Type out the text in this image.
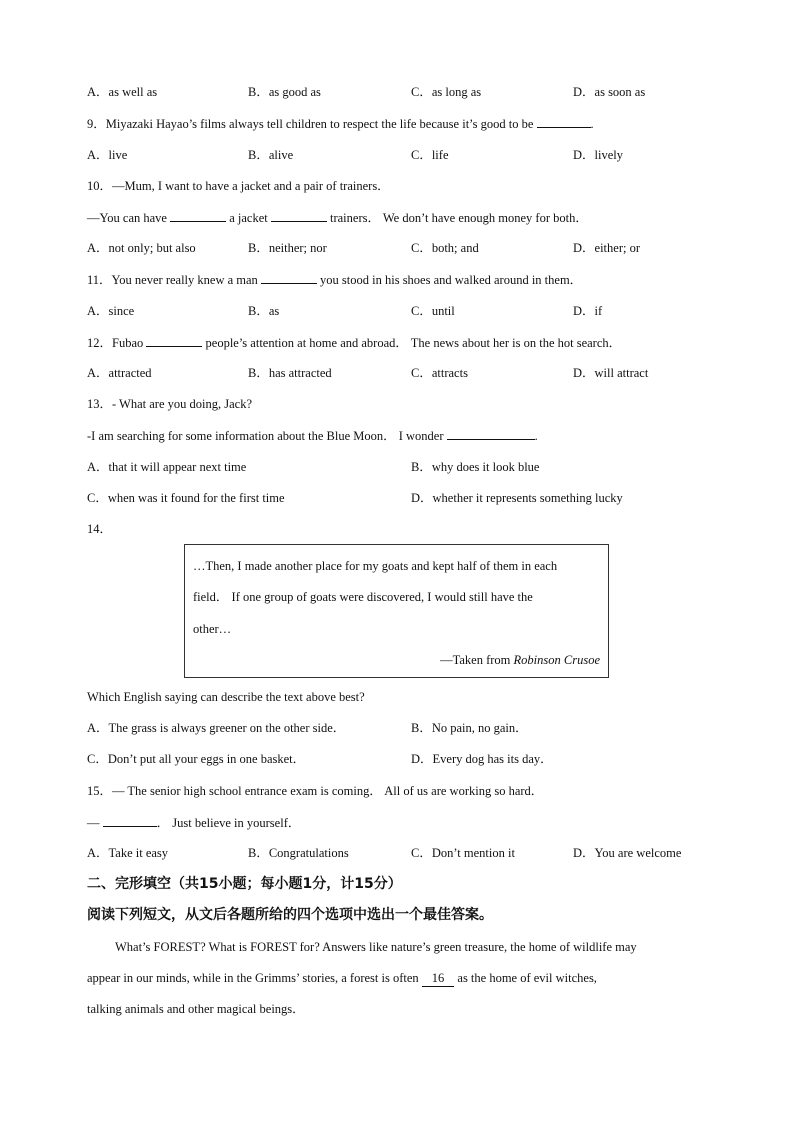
A．as well as	B．as good as	C．as long as	D．as soon as
9．Miyazaki Hayao’s films always tell children to respect the life because it’s good to be	.
A．live	B．alive	C．life	D．lively
10．—Mum, I want to have a jacket and a pair of trainers．
—You can have	a jacket	trainers． We don’t have enough money for both．
A．not only; but also	B．neither; nor	C．both; and	D．either; or
11．You never really knew a man	you stood in his shoes and walked around in them．
A．since	B．as	C．until	D．if
12．Fubao	people’s attention at home and abroad． The news about her is on the hot search．
A．attracted	B．has attracted	C．attracts	D．will attract
13．- What are you doing, Jack?
-I am searching for some information about the Blue Moon． I wonder	.
A．that it will appear next time	B．why does it look blue
C．when was it found for the first time	D．whether it represents something lucky
14．
…Then, I made another place for my goats and kept half of them in each
field． If one group of goats were discovered, I would still have the
other…
—Taken from Robinson Crusoe
Which English saying can describe the text above best?
A．The grass is always greener on the other side．	B．No pain, no gain．
C．Don’t put all your eggs in one basket．	D．Every dog has its day．
15．— The senior high school entrance exam is coming． All of us are working so hard．
—	． Just believe in yourself．
A．Take it easy	B．Congratulations	C．Don’t mention it	D．You are welcome
二、完形填空（共15小题；每小题1分，计15分）
阅读下列短文，从文后各题所给的四个选项中选出一个最佳答案。
What’s FOREST? What is FOREST for? Answers like nature’s green treasure, the home of wildlife may
appear in our minds, while in the Grimms’ stories, a forest is often 16 as the home of evil witches,
talking animals and other magical beings．
